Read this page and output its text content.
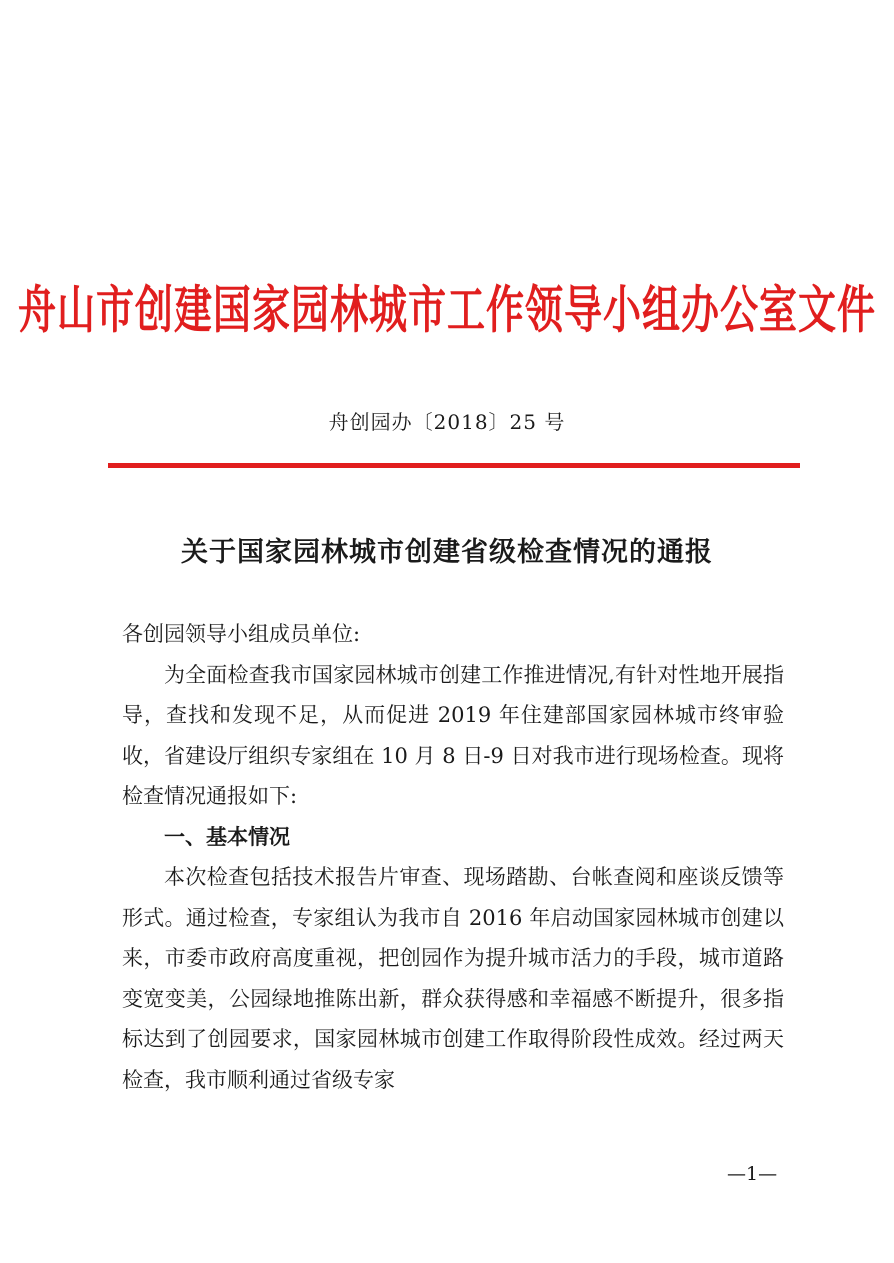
舟山市创建国家园林城市工作领导小组办公室文件
舟创园办〔2018〕25 号
关于国家园林城市创建省级检查情况的通报

各创园领导小组成员单位:

为全面检查我市国家园林城市创建工作推进情况,有针对性地开展指导，查找和发现不足，从而促进 2019 年住建部国家园林城市终审验收，省建设厅组织专家组在 10 月 8 日-9 日对我市进行现场检查。现将检查情况通报如下:

一、基本情况

本次检查包括技术报告片审查、现场踏勘、台帐查阅和座谈反馈等形式。通过检查，专家组认为我市自 2016 年启动国家园林城市创建以来，市委市政府高度重视，把创园作为提升城市活力的手段，城市道路变宽变美，公园绿地推陈出新，群众获得感和幸福感不断提升，很多指标达到了创园要求，国家园林城市创建工作取得阶段性成效。经过两天检查，我市顺利通过省级专家

—1—
